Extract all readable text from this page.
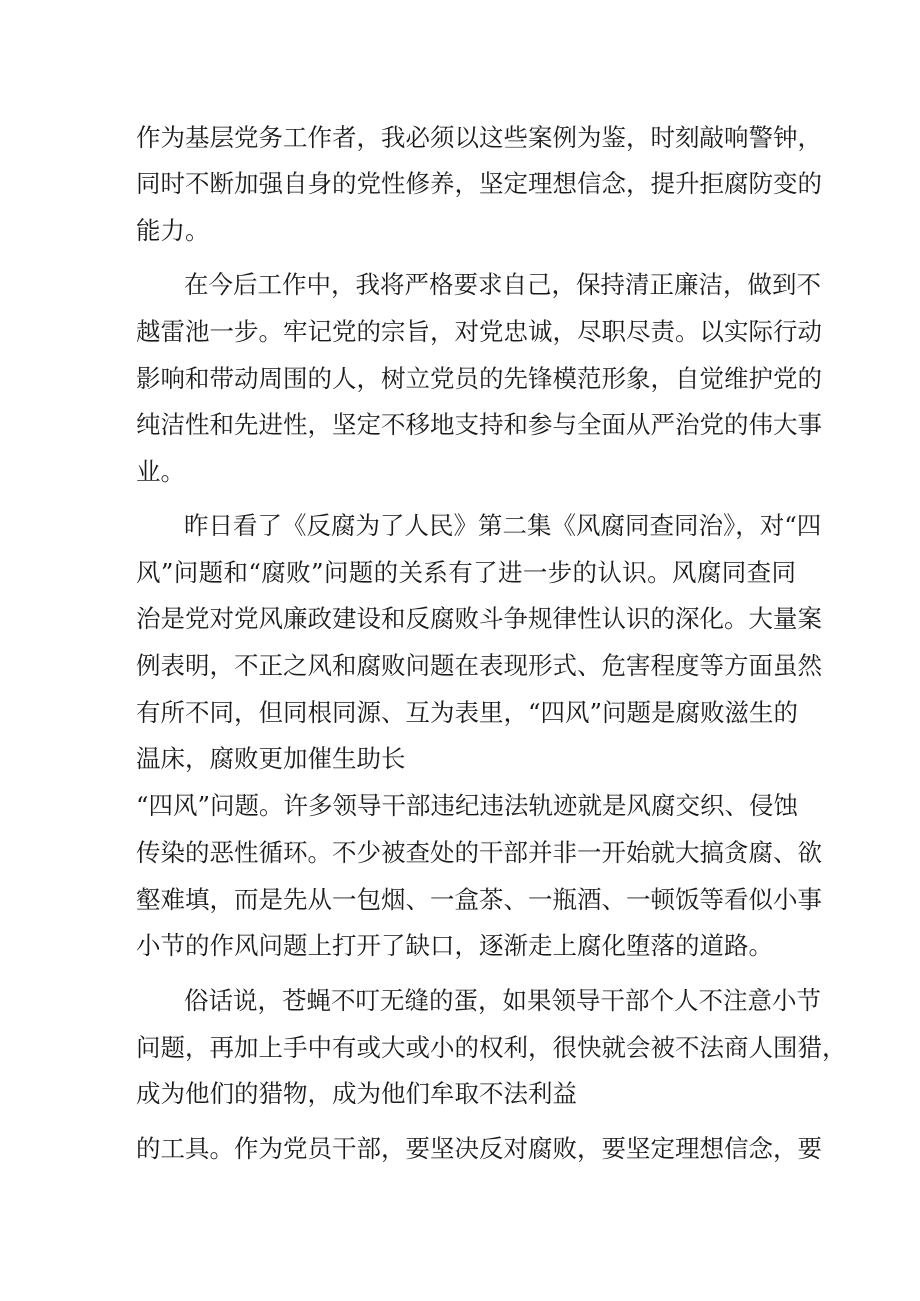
作为基层党务工作者，我必须以这些案例为鉴，时刻敲响警钟，
同时不断加强自身的党性修养，坚定理想信念，提升拒腐防变的
能力。
在今后工作中，我将严格要求自己，保持清正廉洁，做到不
越雷池一步。牢记党的宗旨，对党忠诚，尽职尽责。以实际行动
影响和带动周围的人，树立党员的先锋模范形象，自觉维护党的
纯洁性和先进性，坚定不移地支持和参与全面从严治党的伟大事
业。
昨日看了《反腐为了人民》第二集《风腐同查同治》，对“四
风”问题和“腐败”问题的关系有了进一步的认识。风腐同查同
治是党对党风廉政建设和反腐败斗争规律性认识的深化。大量案
例表明，不正之风和腐败问题在表现形式、危害程度等方面虽然
有所不同，但同根同源、互为表里，“四风”问题是腐败滋生的
温床，腐败更加催生助长
“四风”问题。许多领导干部违纪违法轨迹就是风腐交织、侵蚀
传染的恶性循环。不少被查处的干部并非一开始就大搞贪腐、欲
壑难填，而是先从一包烟、一盒茶、一瓶酒、一顿饭等看似小事
小节的作风问题上打开了缺口，逐渐走上腐化堕落的道路。
俗话说，苍蝇不叮无缝的蛋，如果领导干部个人不注意小节
问题，再加上手中有或大或小的权利，很快就会被不法商人围猎，
成为他们的猎物，成为他们牟取不法利益
的工具。作为党员干部，要坚决反对腐败，要坚定理想信念，要
